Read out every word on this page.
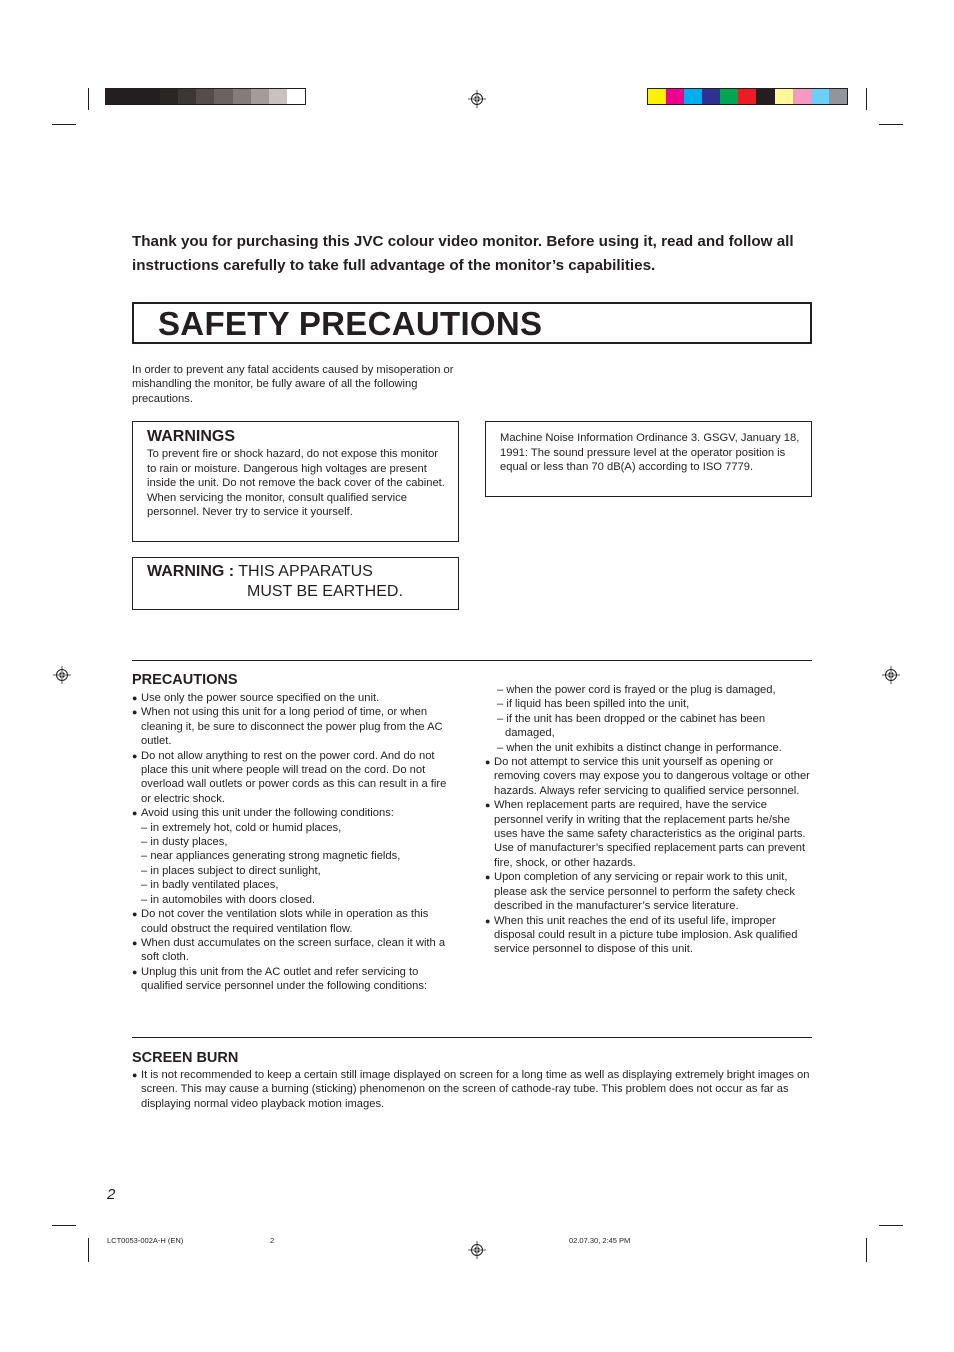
Thank you for purchasing this JVC colour video monitor. Before using it, read and follow all instructions carefully to take full advantage of the monitor’s capabilities.
SAFETY PRECAUTIONS
In order to prevent any fatal accidents caused by misoperation or mishandling the monitor, be fully aware of all the following precautions.
WARNINGS

To prevent fire or shock hazard, do not expose this monitor to rain or moisture. Dangerous high voltages are present inside the unit. Do not remove the back cover of the cabinet. When servicing the monitor, consult qualified service personnel. Never try to service it yourself.

Machine Noise Information Ordinance 3. GSGV, January 18, 1991: The sound pressure level at the operator position is equal or less than 70 dB(A) according to ISO 7779.

WARNING : THIS APPARATUS
MUST BE EARTHED.
PRECAUTIONS
● Use only the power source specified on the unit.
● When not using this unit for a long period of time, or when cleaning it, be sure to disconnect the power plug from the AC outlet.
● Do not allow anything to rest on the power cord. And do not place this unit where people will tread on the cord. Do not overload wall outlets or power cords as this can result in a fire or electric shock.
● Avoid using this unit under the following conditions:
– in extremely hot, cold or humid places,
– in dusty places,
– near appliances generating strong magnetic fields,
– in places subject to direct sunlight,
– in badly ventilated places,
– in automobiles with doors closed.
● Do not cover the ventilation slots while in operation as this could obstruct the required ventilation flow.
● When dust accumulates on the screen surface, clean it with a soft cloth.
● Unplug this unit from the AC outlet and refer servicing to qualified service personnel under the following conditions:
– when the power cord is frayed or the plug is damaged,
– if liquid has been spilled into the unit,
– if the unit has been dropped or the cabinet has been
damaged,
– when the unit exhibits a distinct change in performance.
● Do not attempt to service this unit yourself as opening or removing covers may expose you to dangerous voltage or other hazards. Always refer servicing to qualified service personnel.
● When replacement parts are required, have the service personnel verify in writing that the replacement parts he/she uses have the same safety characteristics as the original parts. Use of manufacturer’s specified replacement parts can prevent fire, shock, or other hazards.
● Upon completion of any servicing or repair work to this unit, please ask the service personnel to perform the safety check described in the manufacturer’s service literature.
● When this unit reaches the end of its useful life, improper disposal could result in a picture tube implosion. Ask qualified service personnel to dispose of this unit.
SCREEN BURN
● It is not recommended to keep a certain still image displayed on screen for a long time as well as displaying extremely bright images on screen. This may cause a burning (sticking) phenomenon on the screen of cathode-ray tube. This problem does not occur as far as displaying normal video playback motion images.
2
LCT0053-002A-H (EN)	2	02.07.30, 2:45 PM
